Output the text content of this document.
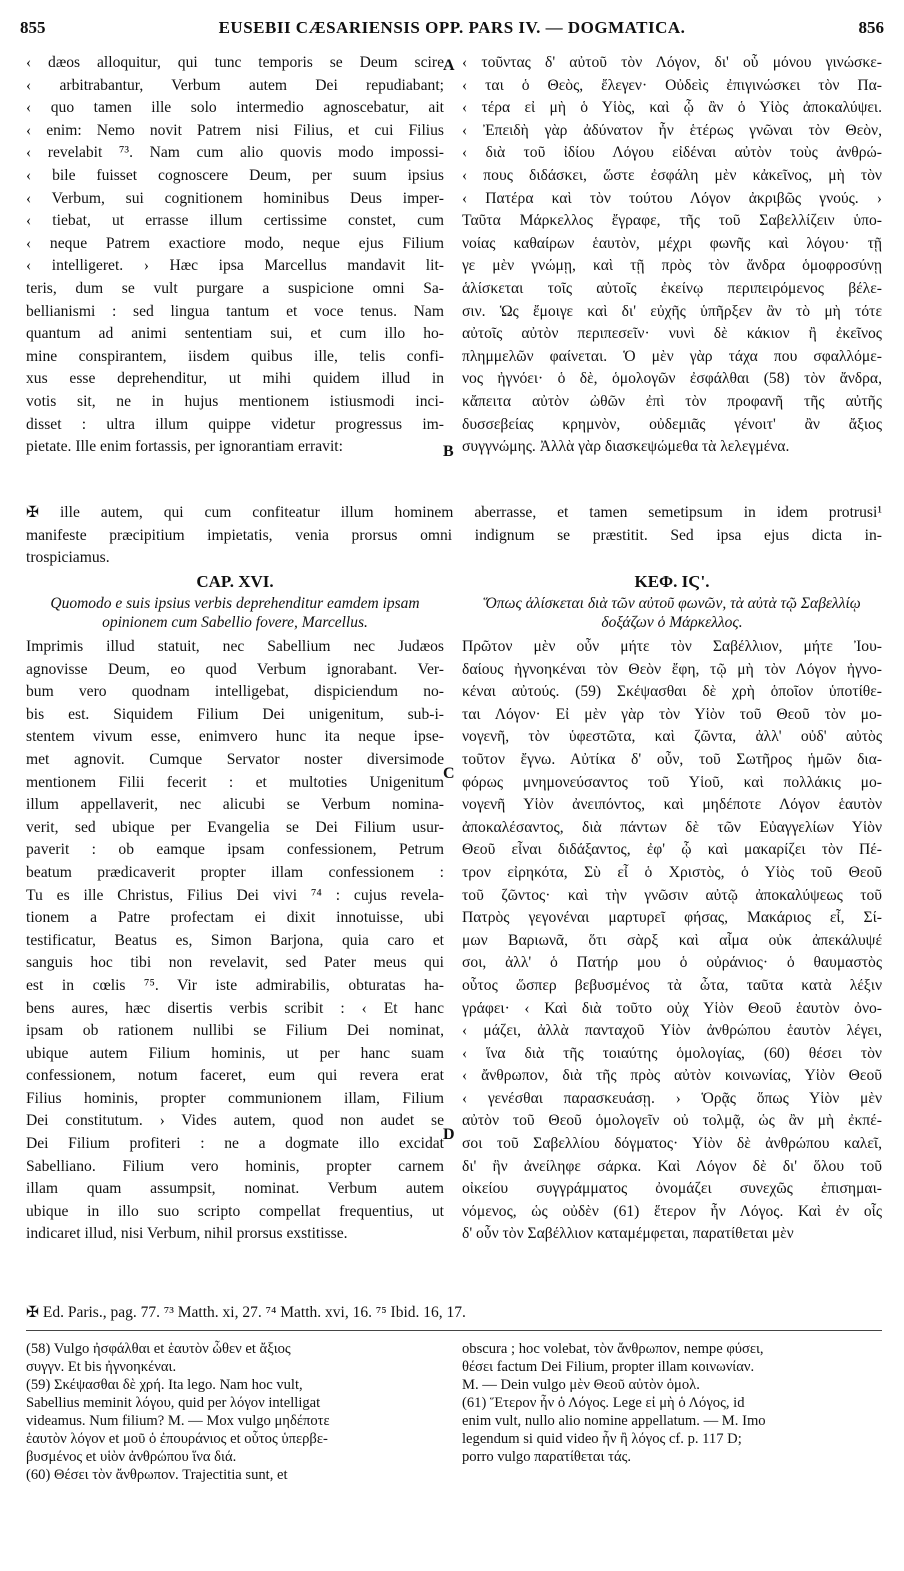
855	EUSEBII CÆSARIENSIS OPP. PARS IV. — DOGMATICA.	856
‹ dæos alloquitur, qui tunc temporis se Deum scire
‹ arbitrabantur, Verbum autem Dei repudiabant;
‹ quo tamen ille solo intermedio agnoscebatur, ait
‹ enim: Nemo novit Patrem nisi Filius, et cui Filius
‹ revelabit ⁷³. Nam cum alio quovis modo impossi-
‹ bile fuisset cognoscere Deum, per suum ipsius
‹ Verbum, sui cognitionem hominibus Deus imper-
‹ tiebat, ut errasse illum certissime constet, cum
‹ neque Patrem exactiore modo, neque ejus Filium
‹ intelligeret. › Hæc ipsa Marcellus mandavit lit-
teris, dum se vult purgare a suspicione omni Sa-
bellianismi : sed lingua tantum et voce tenus. Nam
quantum ad animi sententiam sui, et cum illo ho-
mine conspirantem, iisdem quibus ille, telis confi-
xus esse deprehenditur, ut mihi quidem illud in
votis sit, ne in hujus mentionem istiusmodi inci-
disset : ultra illum quippe videtur progressus im-
pietate. Ille enim fortassis, per ignorantiam erravit:
‹ τοῦντας δ' αὐτοῦ τὸν Λόγον, δι' οὗ μόνου γινώσκε-
‹ ται ὁ Θεὸς, ἔλεγεν· Οὐδεὶς ἐπιγινώσκει τὸν Πα-
‹ τέρα εἰ μὴ ὁ Υἱὸς, καὶ ᾧ ἂν ὁ Υἱὸς ἀποκαλύψει.
‹ Ἐπειδὴ γὰρ ἀδύνατον ἦν ἑτέρως γνῶναι τὸν Θεὸν,
‹ διὰ τοῦ ἰδίου Λόγου εἰδέναι αὐτὸν τοὺς ἀνθρώ-
‹ πους διδάσκει, ὥστε ἐσφάλη μὲν κἀκεῖνος, μὴ τὸν
‹ Πατέρα καὶ τὸν τούτου Λόγον ἀκριβῶς γνούς. ›
Ταῦτα Μάρκελλος ἔγραφε, τῆς τοῦ Σαβελλίζειν ὑπο-
νοίας καθαίρων ἑαυτὸν, μέχρι φωνῆς καὶ λόγου· τῇ
γε μὲν γνώμῃ, καὶ τῇ πρὸς τὸν ἄνδρα ὁμοφροσύνῃ
ἁλίσκεται τοῖς αὐτοῖς ἐκείνῳ περιπειρόμενος βέλε-
σιν. Ὡς ἔμοιγε καὶ δι' εὐχῆς ὑπῆρξεν ἂν τὸ μὴ τότε
αὐτοῖς αὐτὸν περιπεσεῖν· νυνὶ δὲ κάκιον ἢ ἐκεῖνος
πλημμελῶν φαίνεται. Ὁ μὲν γὰρ τάχα που σφαλλόμε-
νος ἠγνόει· ὁ δὲ, ὁμολογῶν ἐσφάλθαι (58) τὸν ἄνδρα,
κἄπειτα αὐτὸν ὠθῶν ἐπὶ τὸν προφανῆ τῆς αὐτῆς
δυσσεβείας κρημνὸν, οὐδεμιᾶς γένοιτ' ἂν ἄξιος
συγγνώμης. Ἀλλὰ γὰρ διασκεψώμεθα τὰ λελεγμένα.
A
B
C
D
✠ ille autem, qui cum confiteatur illum hominem aberrasse, et tamen semetipsum in idem protrusi¹
manifeste præcipitium impietatis, venia prorsus omni indignum se præstitit. Sed ipsa ejus dicta in-
trospiciamus.
CAP. XVI.
Quomodo e suis ipsius verbis deprehenditur eamdem ipsam opinionem cum Sabellio fovere, Marcellus.
ΚΕΦ. ΙϚ'.
Ὅπως ἁλίσκεται διὰ τῶν αὐτοῦ φωνῶν, τὰ αὐτὰ τῷ Σαβελλίῳ δοξάζων ὁ Μάρκελλος.
Imprimis illud statuit, nec Sabellium nec Judæos
agnovisse Deum, eo quod Verbum ignorabant. Ver-
bum vero quodnam intelligebat, dispiciendum no-
bis est. Siquidem Filium Dei unigenitum, sub-i-
stentem vivum esse, enimvero hunc ita neque ipse-
met agnovit. Cumque Servator noster diversimode
mentionem Filii fecerit : et multoties Unigenitum
illum appellaverit, nec alicubi se Verbum nomina-
verit, sed ubique per Evangelia se Dei Filium usur-
paverit : ob eamque ipsam confessionem, Petrum
beatum prædicaverit propter illam confessionem :
Tu es ille Christus, Filius Dei vivi ⁷⁴ : cujus revela-
tionem a Patre profectam ei dixit innotuisse, ubi
testificatur, Beatus es, Simon Barjona, quia caro et
sanguis hoc tibi non revelavit, sed Pater meus qui
est in cœlis ⁷⁵. Vir iste admirabilis, obturatas ha-
bens aures, hæc disertis verbis scribit : ‹ Et hanc
ipsam ob rationem nullibi se Filium Dei nominat,
ubique autem Filium hominis, ut per hanc suam
confessionem, notum faceret, eum qui revera erat
Filius hominis, propter communionem illam, Filium
Dei constitutum. › Vides autem, quod non audet se
Dei Filium profiteri : ne a dogmate illo excidat
Sabelliano. Filium vero hominis, propter carnem
illam quam assumpsit, nominat. Verbum autem
ubique in illo suo scripto compellat frequentius, ut
indicaret illud, nisi Verbum, nihil prorsus exstitisse.
Πρῶτον μὲν οὖν μήτε τὸν Σαβέλλιον, μήτε Ἰου-
δαίους ἠγνοηκέναι τὸν Θεὸν ἔφη, τῷ μὴ τὸν Λόγον ἠγνο-
κέναι αὐτούς. (59) Σκέψασθαι δὲ χρὴ ὁποῖον ὑποτίθε-
ται Λόγον· Εἰ μὲν γὰρ τὸν Υἱὸν τοῦ Θεοῦ τὸν μο-
νογενῆ, τὸν ὑφεστῶτα, καὶ ζῶντα, ἀλλ' οὐδ' αὐτὸς
τοῦτον ἔγνω. Αὐτίκα δ' οὖν, τοῦ Σωτῆρος ἡμῶν δια-
φόρως μνημονεύσαντος τοῦ Υἱοῦ, καὶ πολλάκις μο-
νογενῆ Υἱὸν ἀνειπόντος, καὶ μηδέποτε Λόγον ἑαυτὸν
ἀποκαλέσαντος, διὰ πάντων δὲ τῶν Εὐαγγελίων Υἱὸν
Θεοῦ εἶναι διδάξαντος, ἐφ' ᾧ καὶ μακαρίζει τὸν Πέ-
τρον εἰρηκότα, Σὺ εἶ ὁ Χριστὸς, ὁ Υἱὸς τοῦ Θεοῦ
τοῦ ζῶντος· καὶ τὴν γνῶσιν αὐτῷ ἀποκαλύψεως τοῦ
Πατρὸς γεγονέναι μαρτυρεῖ φήσας, Μακάριος εἶ, Σί-
μων Βαριωνᾶ, ὅτι σὰρξ καὶ αἷμα οὐκ ἀπεκάλυψέ
σοι, ἀλλ' ὁ Πατήρ μου ὁ οὐράνιος· ὁ θαυμαστὸς
οὗτος ὥσπερ βεβυσμένος τὰ ὦτα, ταῦτα κατὰ λέξιν
γράφει· ‹ Καὶ διὰ τοῦτο οὐχ Υἱὸν Θεοῦ ἑαυτὸν ὀνο-
‹ μάζει, ἀλλὰ πανταχοῦ Υἱὸν ἀνθρώπου ἑαυτὸν λέγει,
‹ ἵνα διὰ τῆς τοιαύτης ὁμολογίας, (60) θέσει τὸν
‹ ἄνθρωπον, διὰ τῆς πρὸς αὐτὸν κοινωνίας, Υἱὸν Θεοῦ
‹ γενέσθαι παρασκευάσῃ. › Ὁρᾷς ὅπως Υἱὸν μὲν
αὐτὸν τοῦ Θεοῦ ὁμολογεῖν οὐ τολμᾷ, ὡς ἂν μὴ ἐκπέ-
σοι τοῦ Σαβελλίου δόγματος· Υἱὸν δὲ ἀνθρώπου καλεῖ,
δι' ἣν ἀνείληφε σάρκα. Καὶ Λόγον δὲ δι' ὅλου τοῦ
οἰκείου συγγράμματος ὀνομάζει συνεχῶς ἐπισημαι-
νόμενος, ὡς οὐδὲν (61) ἕτερον ἦν Λόγος. Καὶ ἐν οἷς
δ' οὖν τὸν Σαβέλλιον καταμέμφεται, παρατίθεται μὲν
✠ Ed. Paris., pag. 77. ⁷³ Matth. xi, 27. ⁷⁴ Matth. xvi, 16. ⁷⁵ Ibid. 16, 17.
(58) Vulgo ἠσφάλθαι et ἑαυτὸν ὦθεν et ἄξιος
συγγν. Et bis ἠγνοηκέναι.
(59) Σκέψασθαι δὲ χρή. Ita lego. Nam hoc vult,
Sabellius meminit λόγου, quid per λόγον intelligat
videamus. Num filium? M. — Mox vulgo μηδέποτε
ἑαυτὸν λόγον et μοῦ ὁ ἐπουράνιος et οὗτος ὑπερβε-
βυσμένος et υἱὸν ἀνθρώπου ἵνα διά.
(60) Θέσει τὸν ἄνθρωπον. Trajectitia sunt, et
obscura ; hoc volebat, τὸν ἄνθρωπον, nempe φύσει,
θέσει factum Dei Filium, propter illam κοινωνίαν.
M. — Dein vulgo μὲν Θεοῦ αὐτὸν ὁμολ.
(61) Ἕτερον ἦν ὁ Λόγος. Lege εἰ μὴ ὁ Λόγος, id
enim vult, nullo alio nomine appellatum. — M. Imo
legendum si quid video ἦν ἢ λόγος cf. p. 117 D;
porro vulgo παρατίθεται τάς.
